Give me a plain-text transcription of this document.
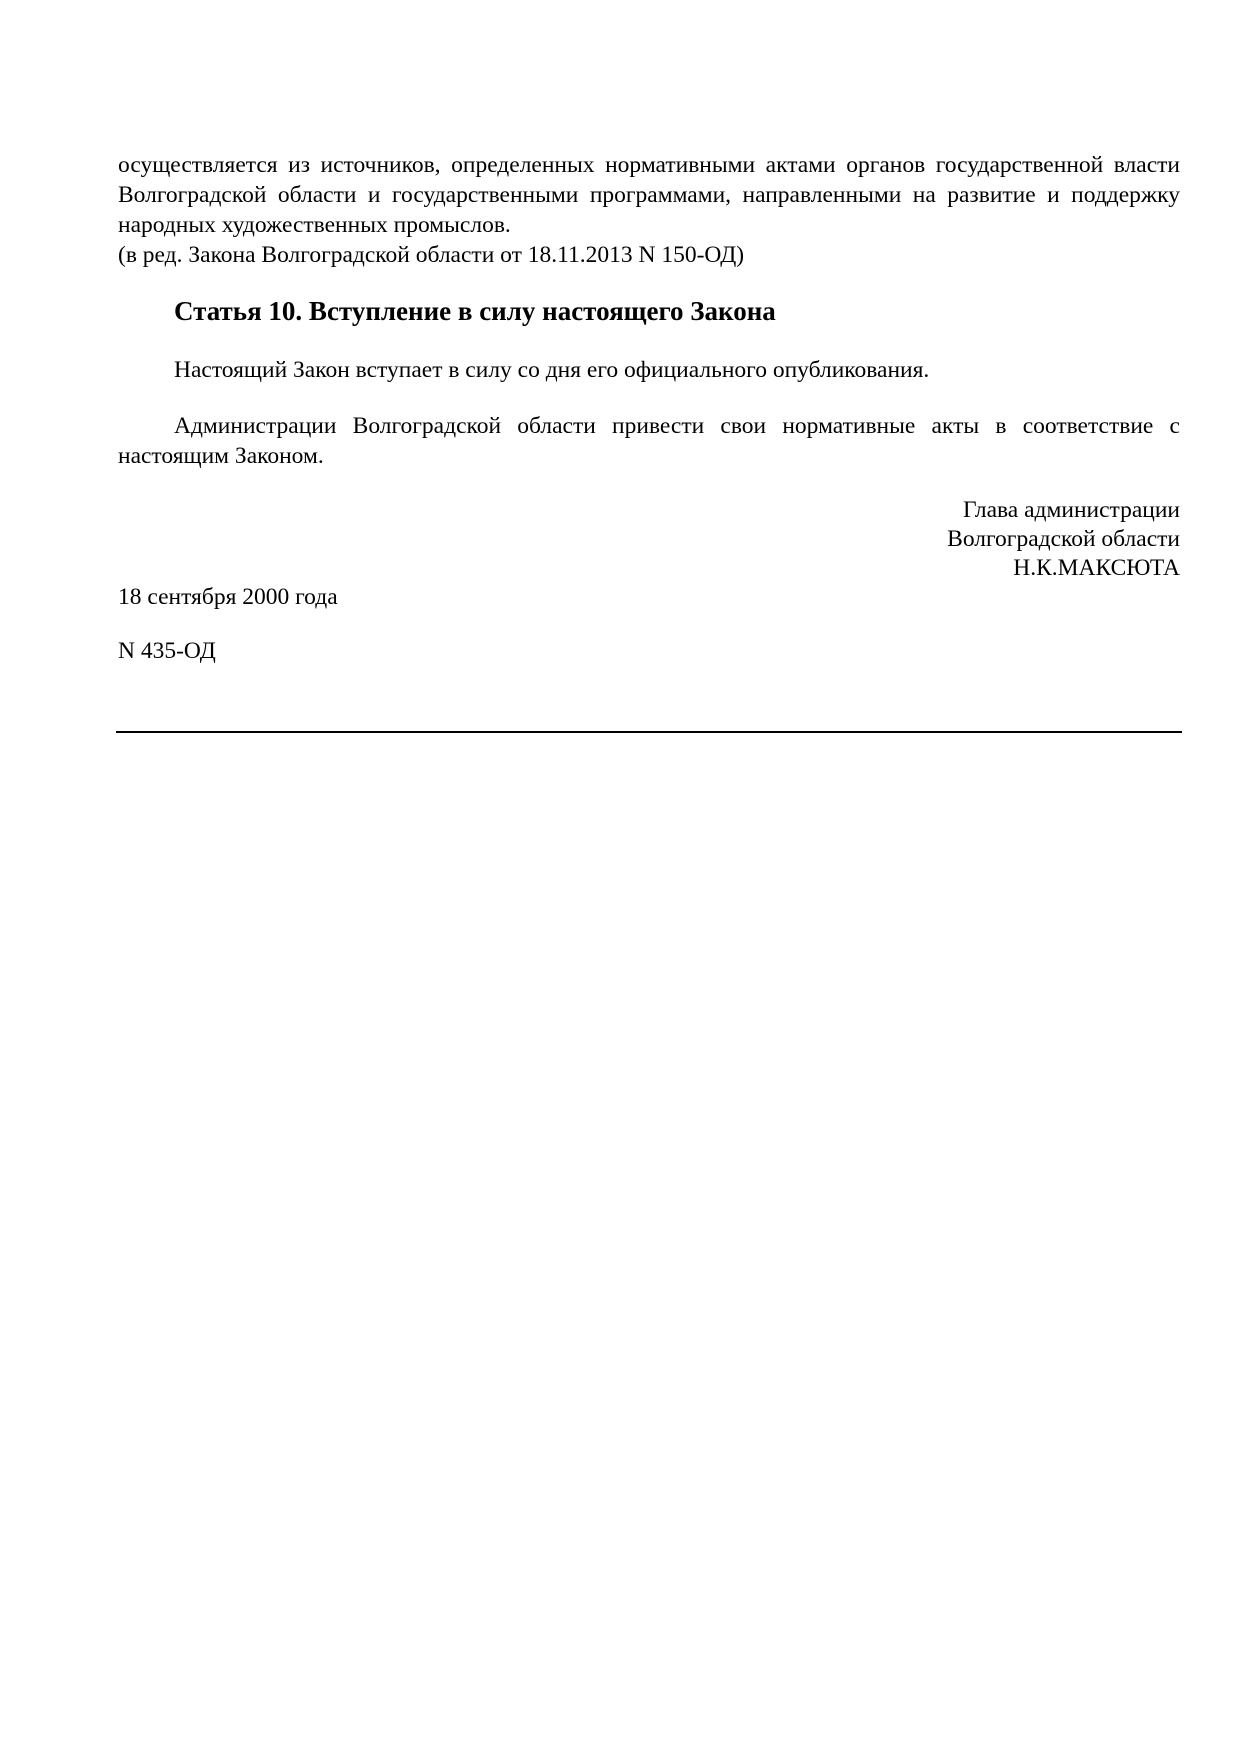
осуществляется из источников, определенных нормативными актами органов государственной власти Волгоградской области и государственными программами, направленными на развитие и поддержку народных художественных промыслов.

(в ред. Закона Волгоградской области от 18.11.2013 N 150-ОД)

Статья 10. Вступление в силу настоящего Закона

Настоящий Закон вступает в силу со дня его официального опубликования.

Администрации Волгоградской области привести свои нормативные акты в соответствие с настоящим Законом.

Глава администрации
Волгоградской области
Н.К.МАКСЮТА
18 сентября 2000 года
N 435-ОД
